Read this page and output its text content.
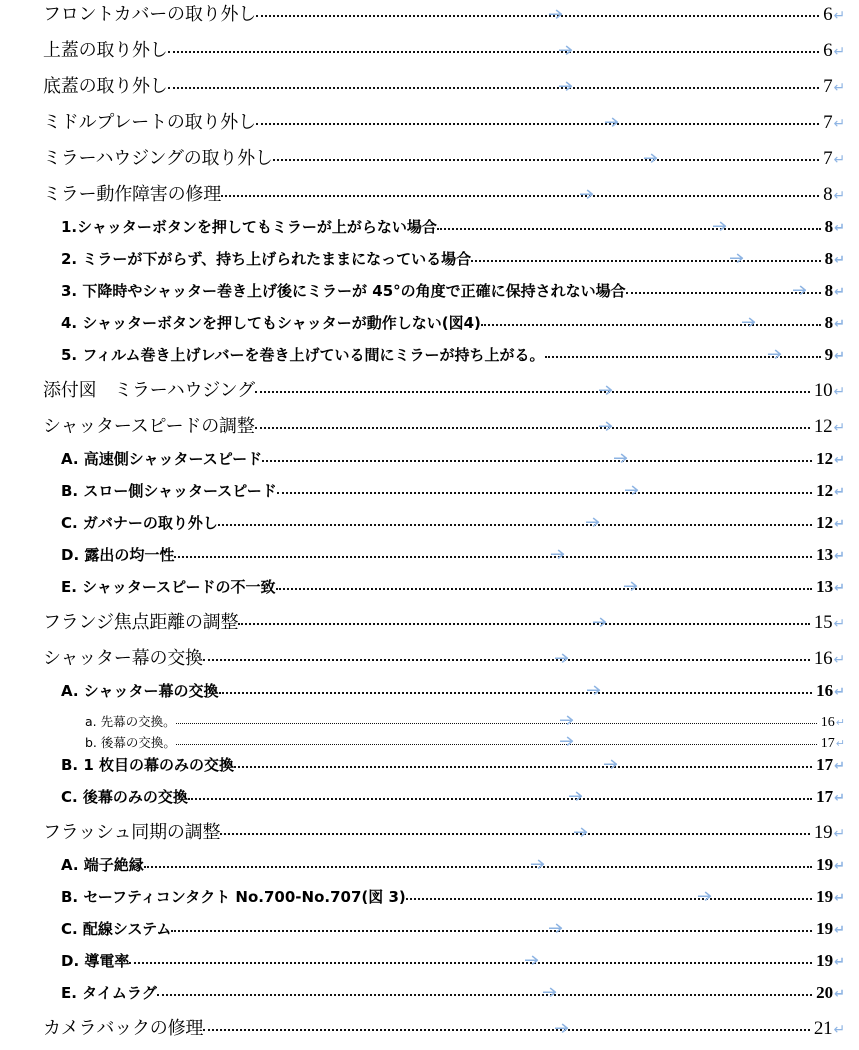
フロントカバーの取り外し	6 ↵
上蓋の取り外し	6 ↵
底蓋の取り外し	7 ↵
ミドルプレートの取り外し	7 ↵
ミラーハウジングの取り外し	7 ↵
ミラー動作障害の修理	8 ↵
1.シャッターボタンを押してもミラーが上がらない場合	8 ↵
2. ミラーが下がらず、持ち上げられたままになっている場合	8 ↵
3. 下降時やシャッター巻き上げ後にミラーが 45°の角度で正確に保持されない場合	8 ↵
4. シャッターボタンを押してもシャッターが動作しない(図4)	8 ↵
5. フィルム巻き上げレバーを巻き上げている間にミラーが持ち上がる。	9 ↵
添付図　ミラーハウジング	10 ↵
シャッタースピードの調整	12 ↵
A. 高速側シャッタースピード	12 ↵
B. スロー側シャッタースピード	12 ↵
C. ガバナーの取り外し	12 ↵
D. 露出の均一性	13 ↵
E. シャッタースピードの不一致	13 ↵
フランジ焦点距離の調整	15 ↵
シャッター幕の交換	16 ↵
A. シャッター幕の交換	16 ↵
a. 先幕の交換。	16 ↵
b. 後幕の交換。	17 ↵
B. 1 枚目の幕のみの交換	17 ↵
C. 後幕のみの交換	17 ↵
フラッシュ同期の調整	19 ↵
A. 端子絶縁	19 ↵
B. セーフティコンタクト No.700-No.707(図 3)	19 ↵
C. 配線システム	19 ↵
D. 導電率	19 ↵
E. タイムラグ	20 ↵
カメラバックの修理	21 ↵
